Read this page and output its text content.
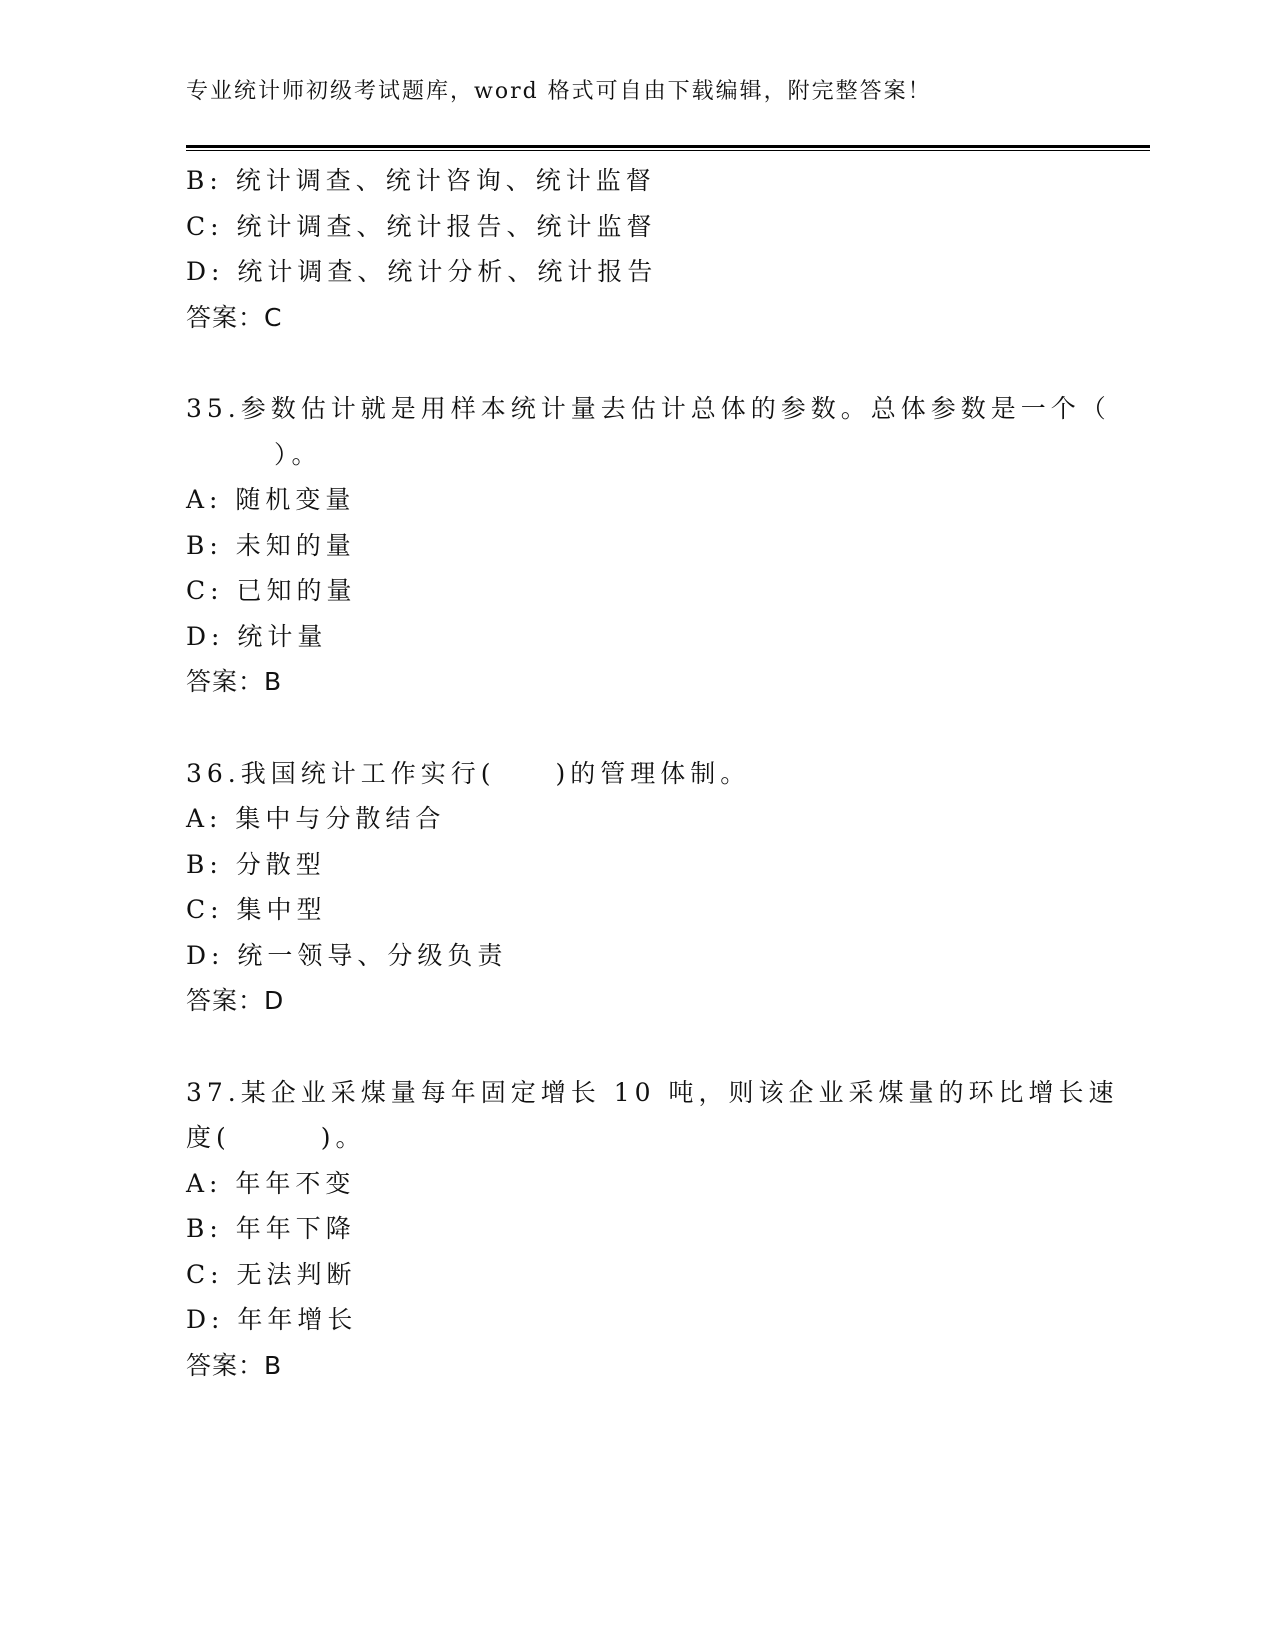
专业统计师初级考试题库，word 格式可自由下载编辑，附完整答案！
B: 统计调查、统计咨询、统计监督
C: 统计调查、统计报告、统计监督
D: 统计调查、统计分析、统计报告
答案：C
35.参数估计就是用样本统计量去估计总体的参数。总体参数是一个（
）。
A: 随机变量
B: 未知的量
C: 已知的量
D: 统计量
答案：B
36.我国统计工作实行(　　)的管理体制。
A: 集中与分散结合
B: 分散型
C: 集中型
D: 统一领导、分级负责
答案：D
37.某企业采煤量每年固定增长 10 吨，则该企业采煤量的环比增长速
度(　　　)。
A: 年年不变
B: 年年下降
C: 无法判断
D: 年年增长
答案：B
